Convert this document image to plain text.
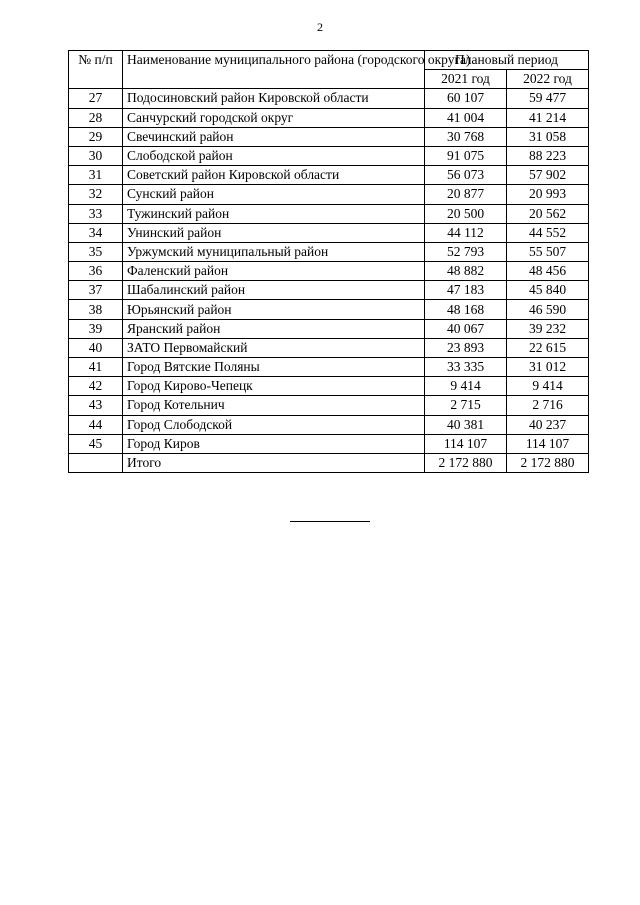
2
№ п/п	Наименование муниципального района (городского округа)	Плановый период	
		2021 год	2022 год
27	Подосиновский район Кировской области	60 107	59 477
28	Санчурский городской округ	41 004	41 214
29	Свечинский район	30 768	31 058
30	Слободской район	91 075	88 223
31	Советский район Кировской области	56 073	57 902
32	Сунский район	20 877	20 993
33	Тужинский район	20 500	20 562
34	Унинский район	44 112	44 552
35	Уржумский муниципальный район	52 793	55 507
36	Фаленский район	48 882	48 456
37	Шабалинский район	47 183	45 840
38	Юрьянский район	48 168	46 590
39	Яранский район	40 067	39 232
40	ЗАТО Первомайский	23 893	22 615
41	Город Вятские Поляны	33 335	31 012
42	Город Кирово-Чепецк	9 414	9 414
43	Город Котельнич	2 715	2 716
44	Город Слободской	40 381	40 237
45	Город Киров	114 107	114 107
	Итого	2 172 880	2 172 880
